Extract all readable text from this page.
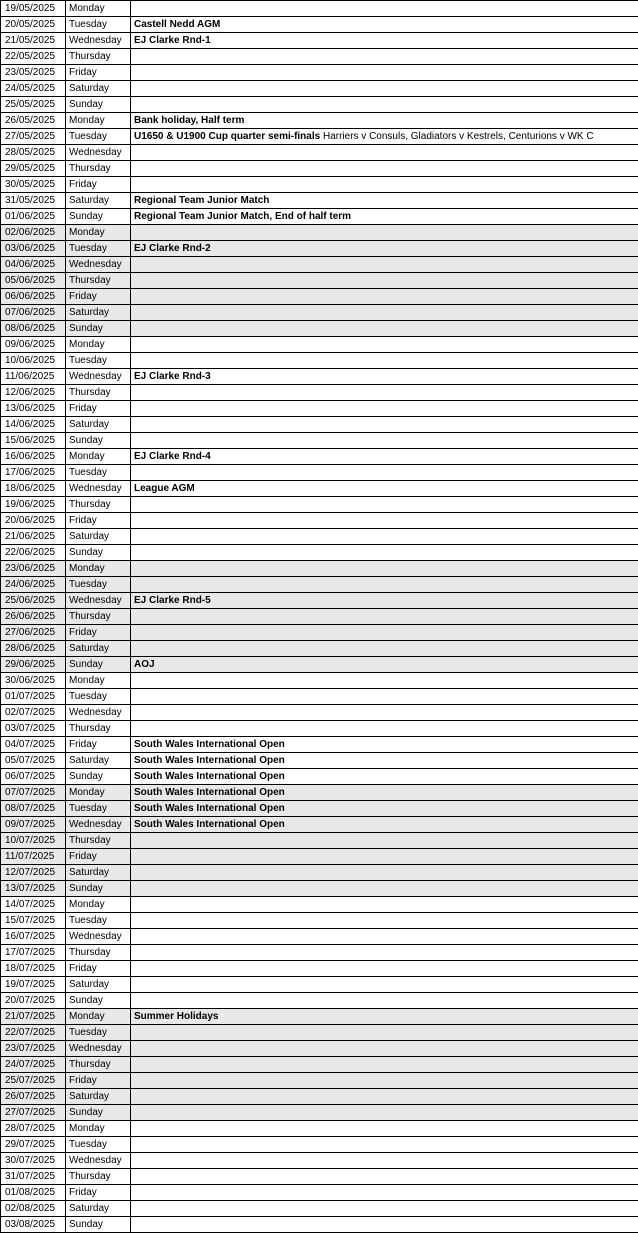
19/05/2025	Monday	
20/05/2025	Tuesday	Castell Nedd AGM
21/05/2025	Wednesday	EJ Clarke Rnd-1
22/05/2025	Thursday	
23/05/2025	Friday	
24/05/2025	Saturday	
25/05/2025	Sunday	
26/05/2025	Monday	Bank holiday, Half term
27/05/2025	Tuesday	U1650 & U1900 Cup quarter semi-finals Harriers v Consuls, Gladiators v Kestrels, Centurions v WK C
28/05/2025	Wednesday	
29/05/2025	Thursday	
30/05/2025	Friday	
31/05/2025	Saturday	Regional Team Junior Match
01/06/2025	Sunday	Regional Team Junior Match, End of half term
02/06/2025	Monday	
03/06/2025	Tuesday	EJ Clarke Rnd-2
04/06/2025	Wednesday	
05/06/2025	Thursday	
06/06/2025	Friday	
07/06/2025	Saturday	
08/06/2025	Sunday	
09/06/2025	Monday	
10/06/2025	Tuesday	
11/06/2025	Wednesday	EJ Clarke Rnd-3
12/06/2025	Thursday	
13/06/2025	Friday	
14/06/2025	Saturday	
15/06/2025	Sunday	
16/06/2025	Monday	EJ Clarke Rnd-4
17/06/2025	Tuesday	
18/06/2025	Wednesday	League AGM
19/06/2025	Thursday	
20/06/2025	Friday	
21/06/2025	Saturday	
22/06/2025	Sunday	
23/06/2025	Monday	
24/06/2025	Tuesday	
25/06/2025	Wednesday	EJ Clarke Rnd-5
26/06/2025	Thursday	
27/06/2025	Friday	
28/06/2025	Saturday	
29/06/2025	Sunday	AOJ
30/06/2025	Monday	
01/07/2025	Tuesday	
02/07/2025	Wednesday	
03/07/2025	Thursday	
04/07/2025	Friday	South Wales International Open
05/07/2025	Saturday	South Wales International Open
06/07/2025	Sunday	South Wales International Open
07/07/2025	Monday	South Wales International Open
08/07/2025	Tuesday	South Wales International Open
09/07/2025	Wednesday	South Wales International Open
10/07/2025	Thursday	
11/07/2025	Friday	
12/07/2025	Saturday	
13/07/2025	Sunday	
14/07/2025	Monday	
15/07/2025	Tuesday	
16/07/2025	Wednesday	
17/07/2025	Thursday	
18/07/2025	Friday	
19/07/2025	Saturday	
20/07/2025	Sunday	
21/07/2025	Monday	Summer Holidays
22/07/2025	Tuesday	
23/07/2025	Wednesday	
24/07/2025	Thursday	
25/07/2025	Friday	
26/07/2025	Saturday	
27/07/2025	Sunday	
28/07/2025	Monday	
29/07/2025	Tuesday	
30/07/2025	Wednesday	
31/07/2025	Thursday	
01/08/2025	Friday	
02/08/2025	Saturday	
03/08/2025	Sunday	
